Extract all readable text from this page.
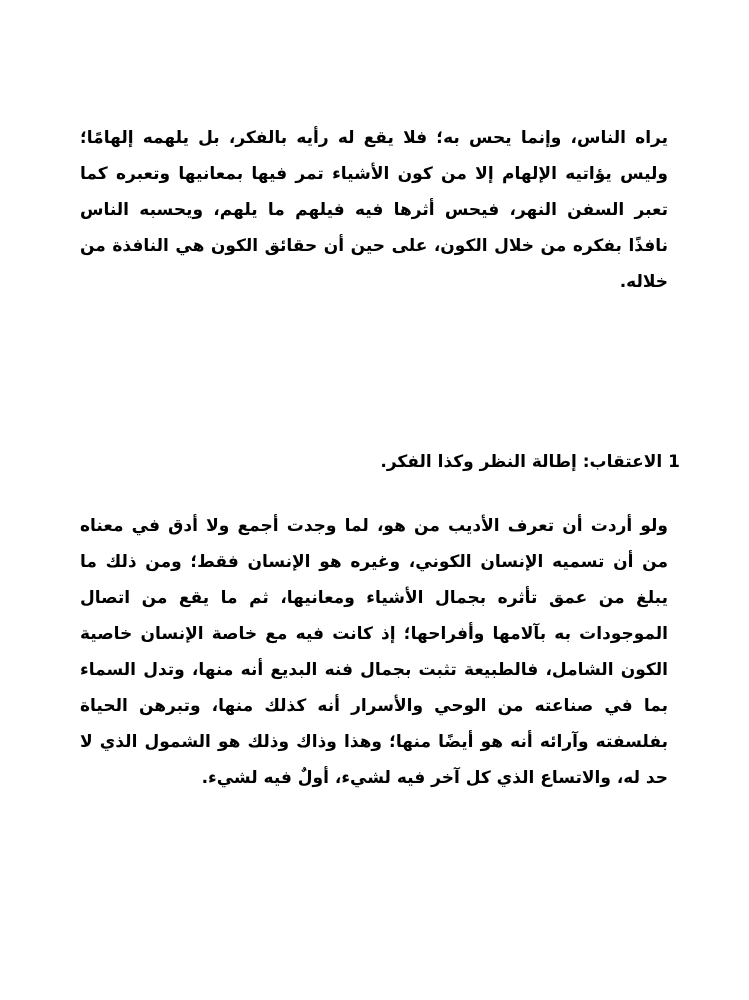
يراه الناس، وإنما يحس به؛ فلا يقع له رأيه بالفكر، بل يلهمه إلهامًا؛ وليس يؤاتيه الإلهام إلا من كون الأشياء تمر فيها بمعانيها وتعبره كما تعبر السفن النهر، فيحس أثرها فيه فيلهم ما يلهم، ويحسبه الناس نافذًا بفكره من خلال الكون، على حين أن حقائق الكون هي النافذة من خلاله.

1 الاعتقاب: إطالة النظر وكذا الفكر.

ولو أردت أن تعرف الأديب من هو، لما وجدت أجمع ولا أدق في معناه من أن تسميه الإنسان الكوني، وغيره هو الإنسان فقط؛ ومن ذلك ما يبلغ من عمق تأثره بجمال الأشياء ومعانيها، ثم ما يقع من اتصال الموجودات به بآلامها وأفراحها؛ إذ كانت فيه مع خاصة الإنسان خاصية الكون الشامل، فالطبيعة تثبت بجمال فنه البديع أنه منها، وتدل السماء بما في صناعته من الوحي والأسرار أنه كذلك منها، وتبرهن الحياة بفلسفته وآرائه أنه هو أيضًا منها؛ وهذا وذاك وذلك هو الشمول الذي لا حد له، والاتساع الذي كل آخر فيه لشيء، أولٌ فيه لشيء.
